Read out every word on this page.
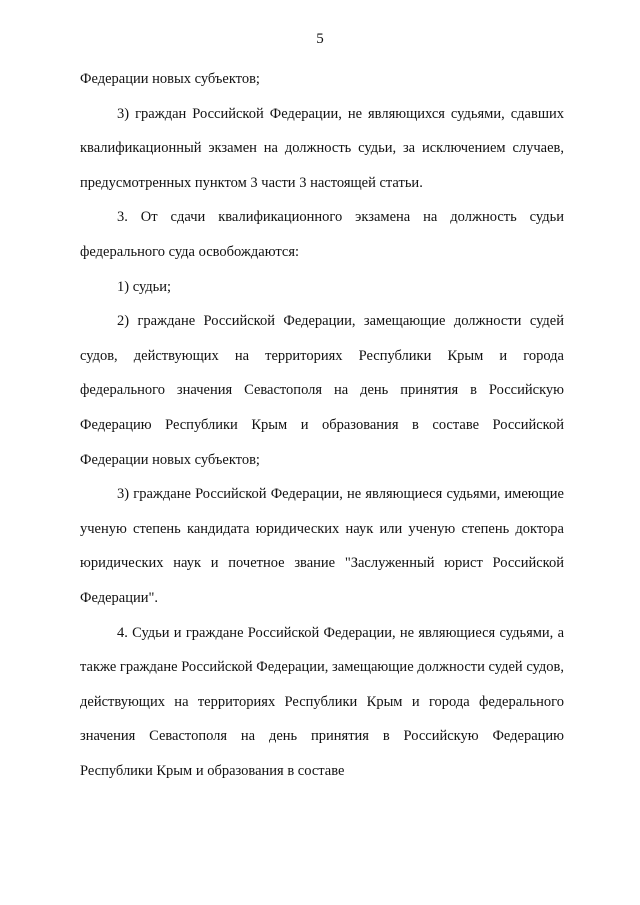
5

Федерации новых субъектов;

3) граждан Российской Федерации, не являющихся судьями, сдавших квалификационный экзамен на должность судьи, за исключением случаев, предусмотренных пунктом 3 части 3 настоящей статьи.

3. От сдачи квалификационного экзамена на должность судьи федерального суда освобождаются:

1) судьи;

2) граждане Российской Федерации, замещающие должности судей судов, действующих на территориях Республики Крым и города федерального значения Севастополя на день принятия в Российскую Федерацию Республики Крым и образования в составе Российской Федерации новых субъектов;

3) граждане Российской Федерации, не являющиеся судьями, имеющие ученую степень кандидата юридических наук или ученую степень доктора юридических наук и почетное звание "Заслуженный юрист Российской Федерации".

4. Судьи и граждане Российской Федерации, не являющиеся судьями, а также граждане Российской Федерации, замещающие должности судей судов, действующих на территориях Республики Крым и города федерального значения Севастополя на день принятия в Российскую Федерацию Республики Крым и образования в составе
